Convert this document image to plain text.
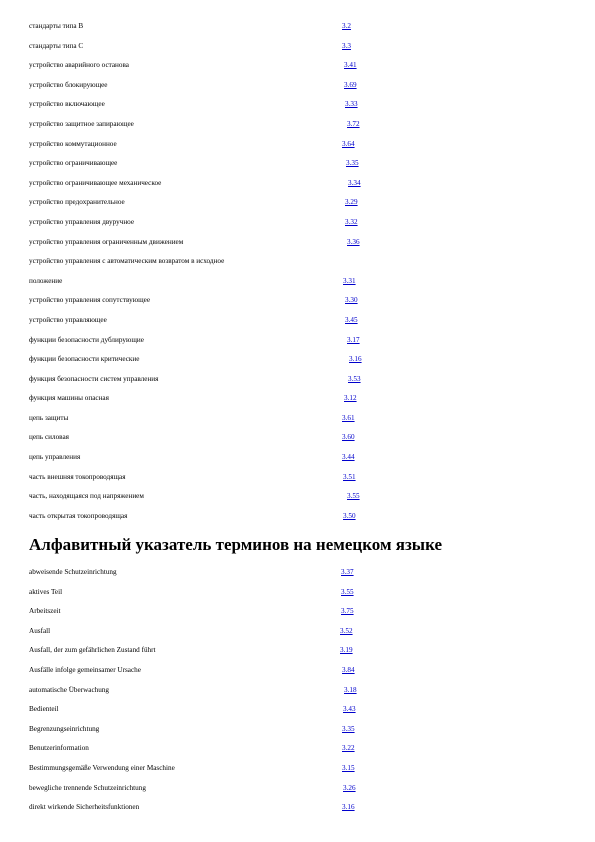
стандарты типа В	3.2
стандарты типа С	3.3
устройство аварийного останова	3.41
устройство блокирующее	3.69
устройство включающее	3.33
устройство защитное запирающее	3.72
устройство коммутационное	3.64
устройство ограничивающее	3.35
устройство ограничивающее механическое	3.34
устройство предохранительное	3.29
устройство управления двуручное	3.32
устройство управления ограниченным движением	3.36
устройство управления с автоматическим возвратом в исходное
положение	3.31
устройство управления сопутствующее	3.30
устройство управляющее	3.45
функции безопасности дублирующие	3.17
функции безопасности критические	3.16
функция безопасности систем управления	3.53
функция машины опасная	3.12
цепь защиты	3.61
цепь силовая	3.60
цепь управления	3.44
часть внешняя токопроводящая	3.51
часть, находящаяся под напряжением	3.55
часть открытая токопроводящая	3.50
Алфавитный указатель терминов на немецком языке
abweisende Schutzeinrichtung	3.37
aktives Teil	3.55
Arbeitszeit	3.75
Ausfall	3.52
Ausfall, der zum gefährlichen Zustand führt	3.19
Ausfälle infolge gemeinsamer Ursache	3.84
automatische Überwachung	3.18
Bedienteil	3.43
Begrenzungseinrichtung	3.35
Benutzerinformation	3.22
Bestimmungsgemäße Verwendung einer Maschine	3.15
bewegliche trennende Schutzeinrichtung	3.26
direkt wirkende Sicherheitsfunktionen	3.16
